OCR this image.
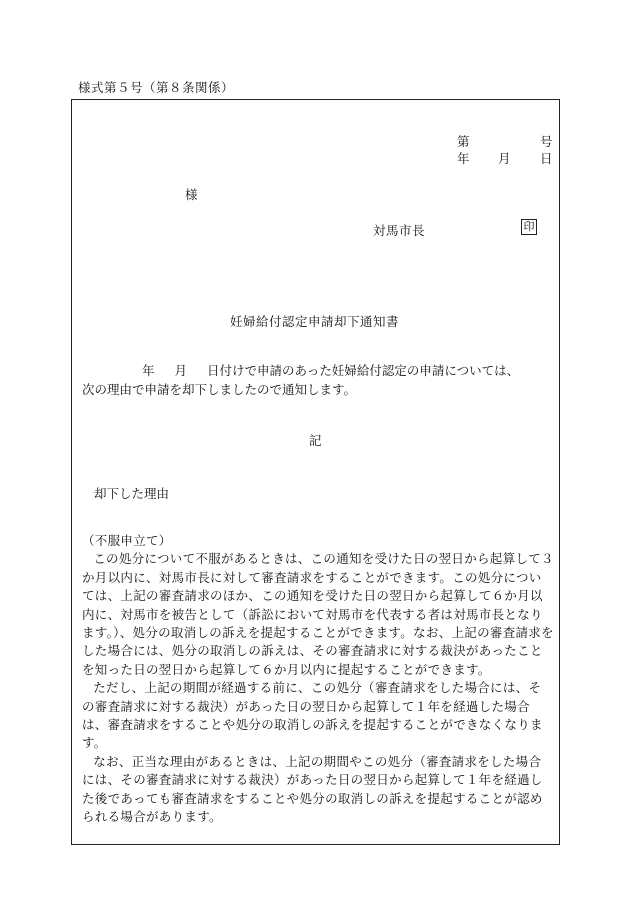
様式第５号（第８条関係）
第	号
年 月 日
様
対馬市長	印
妊婦給付認定申請却下通知書
年 月 日付けで申請のあった妊婦給付認定の申請については、
次の理由で申請を却下しましたので通知します。
記
却下した理由

（不服申立て）

この処分について不服があるときは、この通知を受けた日の翌日から起算して３か月以内に、対馬市長に対して審査請求をすることができます。この処分については、上記の審査請求のほか、この通知を受けた日の翌日から起算して６か月以内に、対馬市を被告として（訴訟において対馬市を代表する者は対馬市長となります。）、処分の取消しの訴えを提起することができます。なお、上記の審査請求をした場合には、処分の取消しの訴えは、その審査請求に対する裁決があったことを知った日の翌日から起算して６か月以内に提起することができます。

ただし、上記の期間が経過する前に、この処分（審査請求をした場合には、その審査請求に対する裁決）があった日の翌日から起算して１年を経過した場合は、審査請求をすることや処分の取消しの訴えを提起することができなくなります。

なお、正当な理由があるときは、上記の期間やこの処分（審査請求をした場合には、その審査請求に対する裁決）があった日の翌日から起算して１年を経過した後であっても審査請求をすることや処分の取消しの訴えを提起することが認められる場合があります。
